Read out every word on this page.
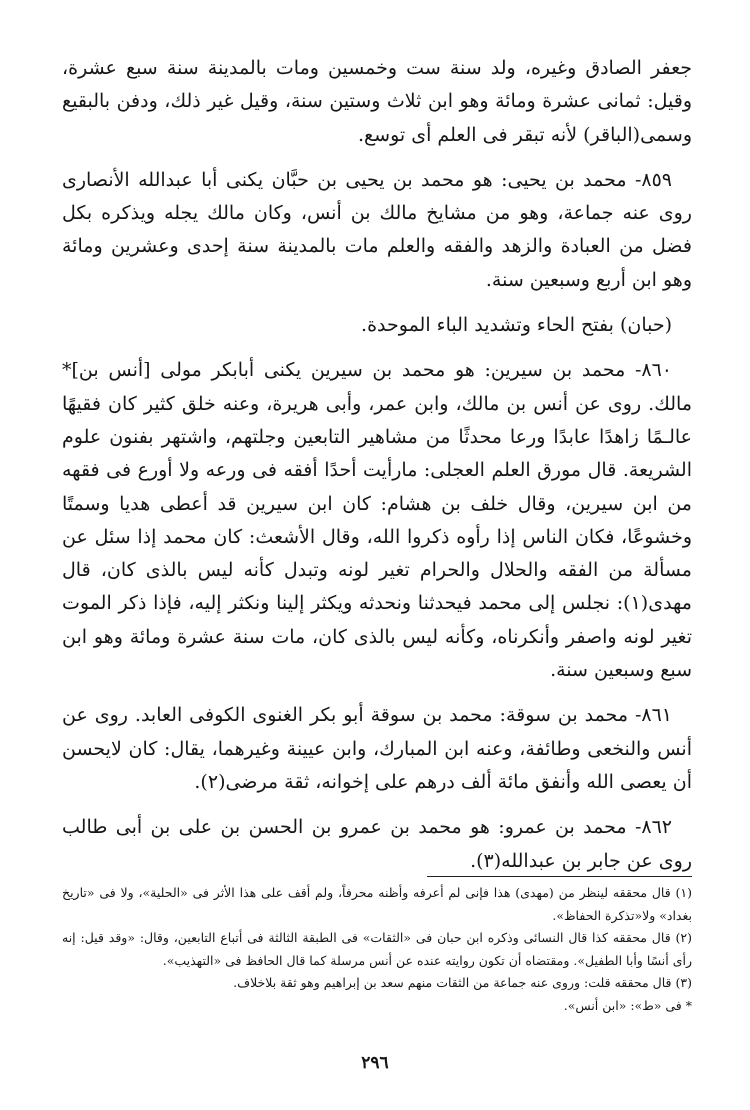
جعفر الصادق وغيره، ولد سنة ست وخمسين ومات بالمدينة سنة سبع عشرة، وقيل: ثمانى عشرة ومائة وهو ابن ثلاث وستين سنة، وقيل غير ذلك، ودفن بالبقيع وسمى(الباقر) لأنه تبقر فى العلم أى توسع.

٨٥٩- محمد بن يحيى: هو محمد بن يحيى بن حبَّان يكنى أبا عبدالله الأنصارى روى عنه جماعة، وهو من مشايخ مالك بن أنس، وكان مالك يجله ويذكره بكل فضل من العبادة والزهد والفقه والعلم مات بالمدينة سنة إحدى وعشرين ومائة وهو ابن أربع وسبعين سنة.

(حبان) بفتح الحاء وتشديد الباء الموحدة.

٨٦٠- محمد بن سيرين: هو محمد بن سيرين يكنى أبابكر مولى [أنس بن]* مالك. روى عن أنس بن مالك، وابن عمر، وأبى هريرة، وعنه خلق كثير كان فقيهًا عالـمًا زاهدًا عابدًا ورعا محدثًا من مشاهير التابعين وجلتهم، واشتهر بفنون علوم الشريعة. قال مورق العلم العجلى: مارأيت أحدًا أفقه فى ورعه ولا أورع فى فقهه من ابن سيرين، وقال خلف بن هشام: كان ابن سيرين قد أعطى هديا وسمتًا وخشوعًا، فكان الناس إذا رأوه ذكروا الله، وقال الأشعث: كان محمد إذا سئل عن مسألة من الفقه والحلال والحرام تغير لونه وتبدل كأنه ليس بالذى كان، قال مهدى(١): نجلس إلى محمد فيحدثنا ونحدثه ويكثر إلينا ونكثر إليه، فإذا ذكر الموت تغير لونه واصفر وأنكرناه، وكأنه ليس بالذى كان، مات سنة عشرة ومائة وهو ابن سبع وسبعين سنة.

٨٦١- محمد بن سوقة: محمد بن سوقة أبو بكر الغنوى الكوفى العابد. روى عن أنس والنخعى وطائفة، وعنه ابن المبارك، وابن عيينة وغيرهما، يقال: كان لايحسن أن يعصى الله وأنفق مائة ألف درهم على إخوانه، ثقة مرضى(٢).

٨٦٢- محمد بن عمرو: هو محمد بن عمرو بن الحسن بن على بن أبى طالب روى عن جابر بن عبدالله(٣).

(١) قال محققه لينظر من (مهدى) هذا فإنى لم أعرفه وأظنه محرفاً، ولم أقف على هذا الأثر فى «الحلية»، ولا فى «تاريخ بغداد» ولا«تذكرة الحفاظ».

(٢) قال محققه كذا قال النسائى وذكره ابن حبان فى «الثقات» فى الطبقة الثالثة فى أتباع التابعين، وقال: «وقد قيل: إنه رأى أنسًا وأبا الطفيل». ومقتضاه أن تكون روايته عنده عن أنس مرسلة كما قال الحافظ فى «التهذيب».

(٣) قال محققه قلت: وروى عنه جماعة من الثقات منهم سعد بن إبراهيم وهو ثقة بلاخلاف.

* فى «ط»: «ابن أنس».

٢٩٦
